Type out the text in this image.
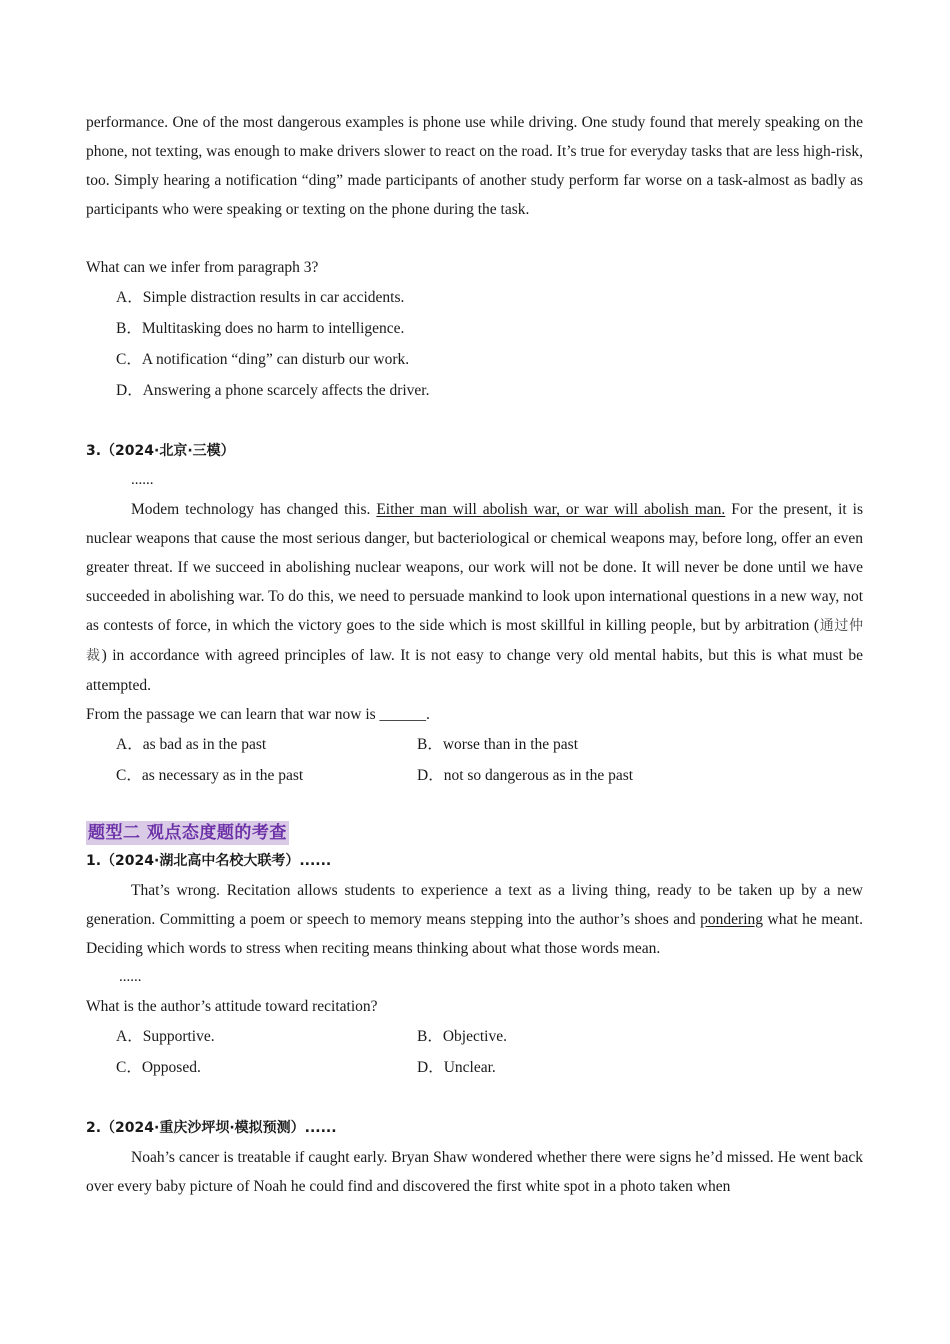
performance. One of the most dangerous examples is phone use while driving. One study found that merely speaking on the phone, not texting, was enough to make drivers slower to react on the road. It’s true for everyday tasks that are less high-risk, too. Simply hearing a notification “ding” made participants of another study perform far worse on a task-almost as badly as participants who were speaking or texting on the phone during the task.

What can we infer from paragraph 3?

A．Simple distraction results in car accidents.
B．Multitasking does no harm to intelligence.
C．A notification “ding” can disturb our work.
D．Answering a phone scarcely affects the driver.

3.（2024·北京·三模）

......

Modem technology has changed this. Either man will abolish war, or war will abolish man. For the present, it is nuclear weapons that cause the most serious danger, but bacteriological or chemical weapons may, before long, offer an even greater threat. If we succeed in abolishing nuclear weapons, our work will not be done. It will never be done until we have succeeded in abolishing war. To do this, we need to persuade mankind to look upon international questions in a new way, not as contests of force, in which the victory goes to the side which is most skillful in killing people, but by arbitration (通过仲裁) in accordance with agreed principles of law. It is not easy to change very old mental habits, but this is what must be attempted.

From the passage we can learn that war now is ______.

A．as bad as in the past	B．worse than in the past
C．as necessary as in the past	D．not so dangerous as in the past
题型二 观点态度题的考查

1.（2024·湖北高中名校大联考）......

That’s wrong. Recitation allows students to experience a text as a living thing, ready to be taken up by a new generation. Committing a poem or speech to memory means stepping into the author’s shoes and pondering what he meant. Deciding which words to stress when reciting means thinking about what those words mean.

......

What is the author’s attitude toward recitation?

A．Supportive.	B．Objective.
C．Opposed.	D．Unclear.

2.（2024·重庆沙坪坝·模拟预测）......

Noah’s cancer is treatable if caught early. Bryan Shaw wondered whether there were signs he’d missed. He went back over every baby picture of Noah he could find and discovered the first white spot in a photo taken when
